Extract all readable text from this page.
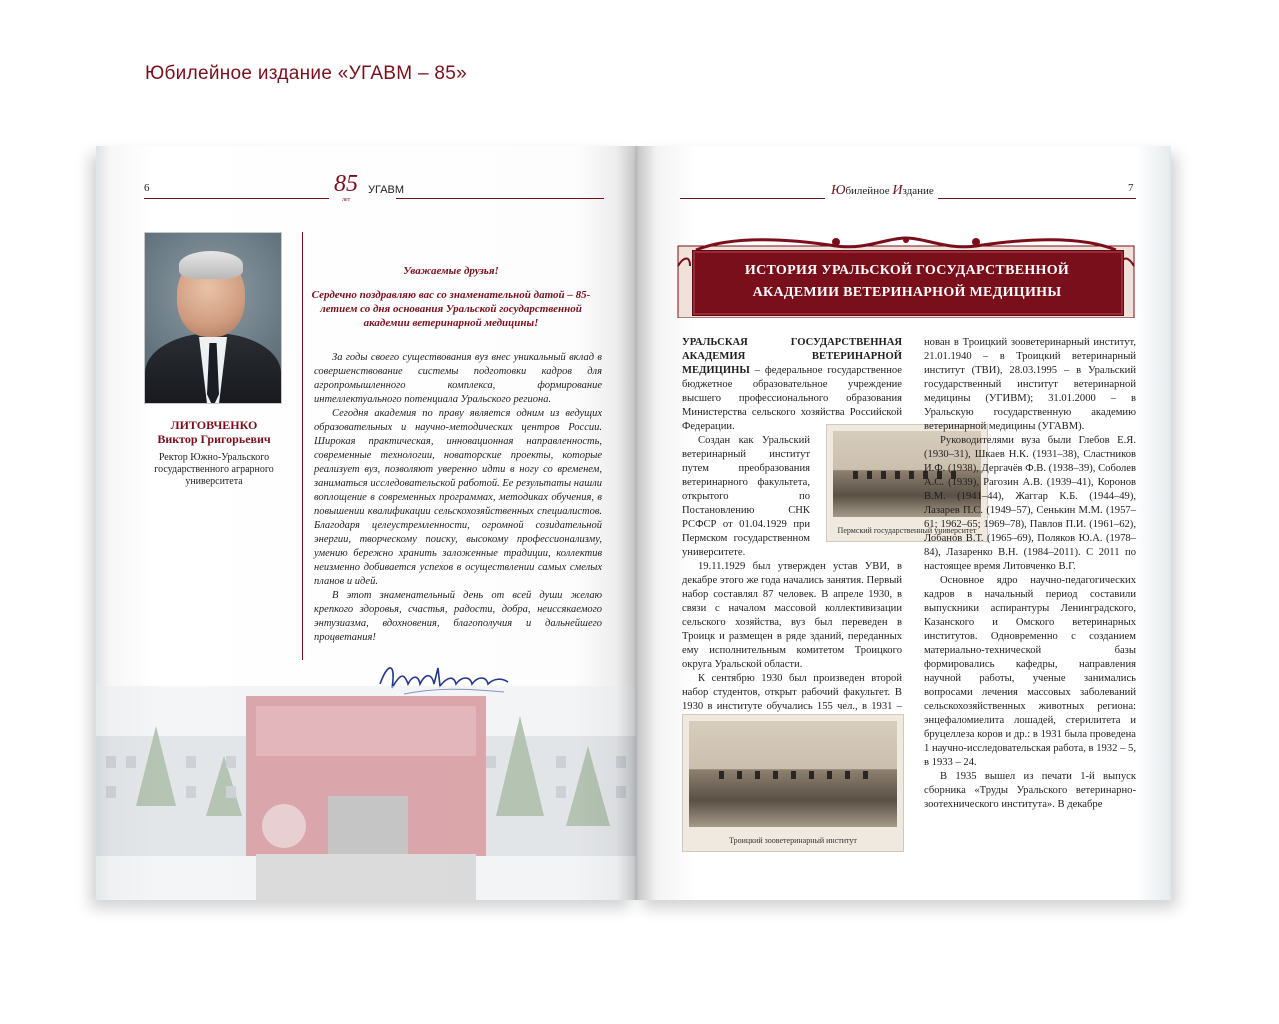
Юбилейное издание «УГАВМ – 85»
6	85
лет
УГАВМ
ЛИТОВЧЕНКО
Виктор Григорьевич
Ректор Южно-Уральского государственного аграрного университета

Уважаемые друзья!

Сердечно поздравляю вас со знаменательной датой – 85-летием со дня основания Уральской государственной академии ветеринарной медицины!

За годы своего существования вуз внес уникальный вклад в совершенствование системы подготовки кадров для агропромышленного комплекса, формирование интеллектуального потенциала Уральского региона.

Сегодня академия по праву является одним из ведущих образовательных и научно-методических центров России. Широкая практическая, инновационная направленность, современные технологии, новаторские проекты, которые реализует вуз, позволяют уверенно идти в ногу со временем, заниматься исследовательской работой. Ее результаты нашли воплощение в современных программах, методиках обучения, в повышении квалификации сельскохозяйственных специалистов. Благодаря целеустремленности, огромной созидательной энергии, творческому поиску, высокому профессионализму, умению бережно хранить заложенные традиции, коллектив неизменно добивается успехов в осуществлении самых смелых планов и идей.

В этот знаменательный день от всей души желаю крепкого здоровья, счастья, радости, добра, неиссякаемого энтузиазма, вдохновения, благополучия и дальнейшего процветания!

Юбилейное Издание	7
ИСТОРИЯ УРАЛЬСКОЙ ГОСУДАРСТВЕННОЙ
АКАДЕМИИ ВЕТЕРИНАРНОЙ МЕДИЦИНЫ

УРАЛЬСКАЯ ГОСУДАРСТВЕННАЯ АКАДЕМИЯ ВЕТЕРИНАРНОЙ МЕДИЦИНЫ – федеральное государственное бюджетное образовательное учреждение высшего профессионального образования Министерства сельского хозяйства Российской Федерации.

Создан как Уральский ветеринарный институт путем преобразования ветеринарного факультета, открытого по Постановлению СНК РСФСР от 01.04.1929 при Пермском государственном университете.

19.11.1929 был утвержден устав УВИ, в декабре этого же года начались занятия. Первый набор составлял 87 человек. В апреле 1930, в связи с началом массовой коллективизации сельского хозяйства, вуз был переведен в Троицк и размещен в ряде зданий, переданных ему исполнительным комитетом Троицкого округа Уральской области.

К сентябрю 1930 был произведен второй набор студентов, открыт рабочий факультет. В 1930 в институте обучались 155 чел., в 1931 –

Пермский государственный университет
Троицкий зооветеринарный институт

нован в Троицкий зооветеринарный институт, 21.01.1940 – в Троицкий ветеринарный институт (ТВИ), 28.03.1995 – в Уральский государственный институт ветеринарной медицины (УГИВМ); 31.01.2000 – в Уральскую государственную академию ветеринарной медицины (УГАВМ).

Руководителями вуза были Глебов Е.Я. (1930–31), Шкаев Н.К. (1931–38), Сластников И.Ф. (1938), Дергачёв Ф.В. (1938–39), Соболев А.С. (1939), Рагозин А.В. (1939–41), Коронов В.М. (1941–44), Жаггар К.Б. (1944–49), Лазарев П.С. (1949–57), Сенькин М.М. (1957–61; 1962–65; 1969–78), Павлов П.И. (1961–62), Лобанов В.Т. (1965–69), Поляков Ю.А. (1978–84), Лазаренко В.Н. (1984–2011). С 2011 по настоящее время Литовченко В.Г.

Основное ядро научно-педагогических кадров в начальный период составили выпускники аспирантуры Ленинградского, Казанского и Омского ветеринарных институтов. Одновременно с созданием материально-технической базы формировались кафедры, направления научной работы, ученые занимались вопросами лечения массовых заболеваний сельскохозяйственных животных региона: энцефаломиелита лошадей, стерилитета и бруцеллеза коров и др.: в 1931 была проведена 1 научно-исследовательская работа, в 1932 – 5, в 1933 – 24.

В 1935 вышел из печати 1-й выпуск сборника «Труды Уральского ветеринарно-зоотехнического института». В декабре
